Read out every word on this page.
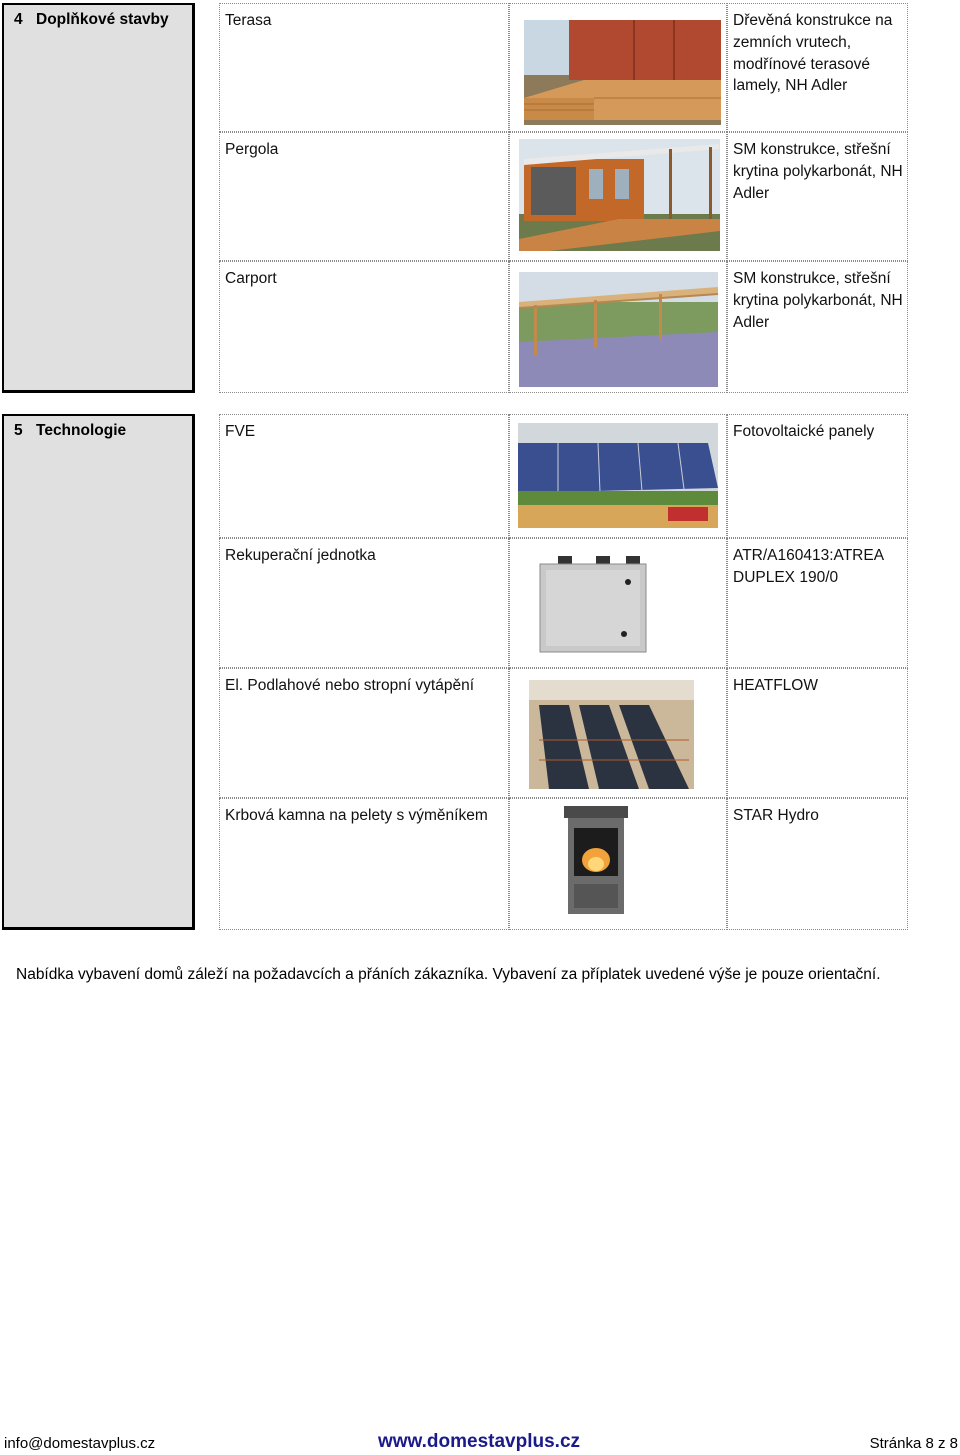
4 Doplňkové stavby	Terasa	Dřevěná konstrukce na zemních vrutech, modřínové terasové lamely, NH Adler
Pergola	SM konstrukce, střešní krytina polykarbonát, NH Adler
Carport	SM konstrukce, střešní krytina polykarbonát, NH Adler
5 Technologie	FVE	Fotovoltaické panely
Rekuperační jednotka	ATR/A160413:ATREA DUPLEX 190/0
El. Podlahové nebo stropní vytápění	HEATFLOW
Krbová kamna na pelety s výměníkem	STAR Hydro
Nabídka vybavení domů záleží na požadavcích a přáních zákazníka. Vybavení za příplatek uvedené výše je pouze orientační.
info@domestavplus.cz	www.domestavplus.cz	Stránka 8 z 8
